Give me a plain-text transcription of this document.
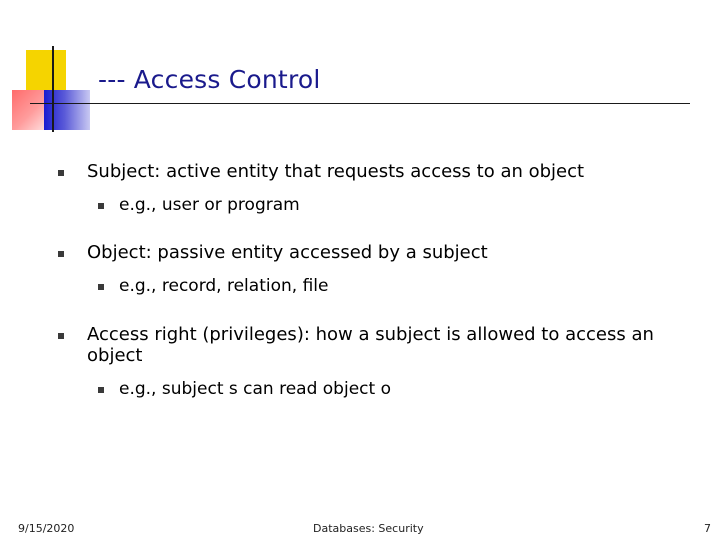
--- Access Control
Subject: active entity that requests access to an object
e.g., user or program
Object: passive entity accessed by a subject
e.g., record, relation, file
Access right (privileges): how a subject is allowed to access an object
e.g., subject s can read object o
9/15/2020	Databases: Security	7
